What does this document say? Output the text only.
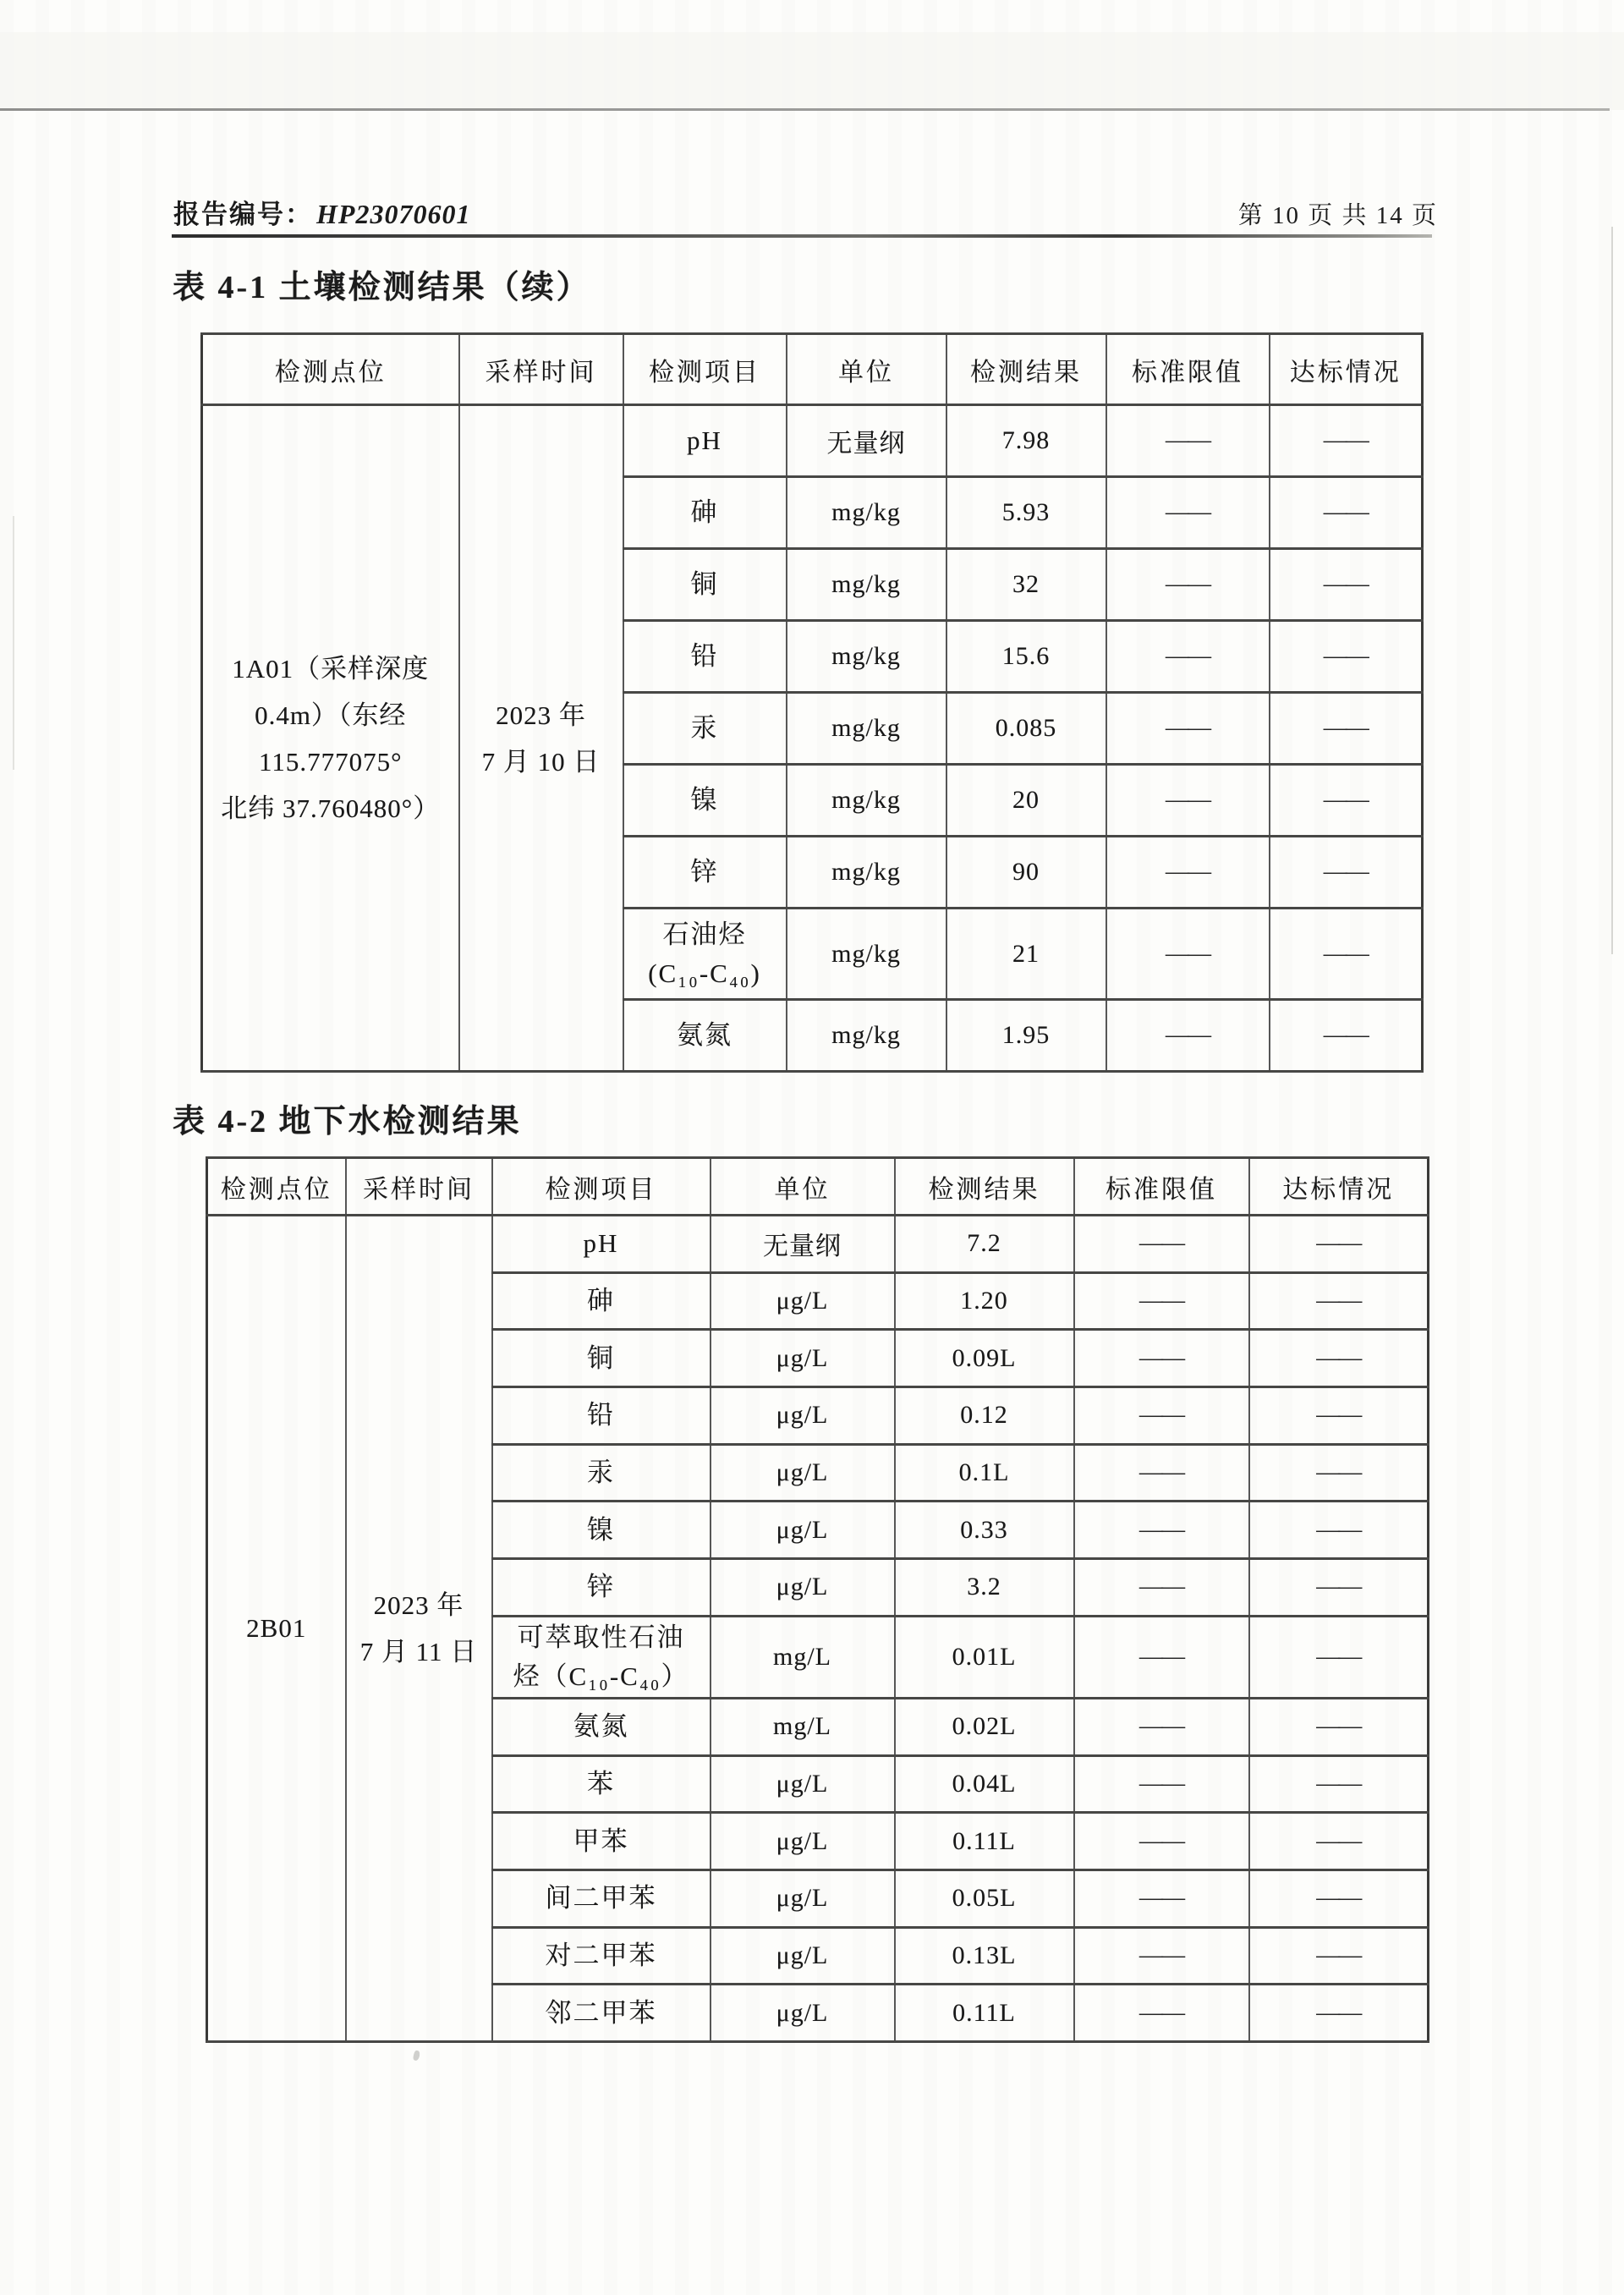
报告编号： HP23070601	第 10 页 共 14 页
表 4-1 土壤检测结果（续）
检测点位	采样时间	检测项目	单位	检测结果	标准限值	达标情况

1A01（采样深度
0.4m）（东经
115.777075°
北纬 37.760480°）

2023 年
7 月 10 日

pH	无量纲	7.98	——	——

		砷	mg/kg	5.93	——	——

		铜	mg/kg	32	——	——

		铅	mg/kg	15.6	——	——

		汞	mg/kg	0.085	——	——

		镍	mg/kg	20	——	——

		锌	mg/kg	90	——	——

		石油烃
(C₁₀-C₄₀)	mg/kg	21	——	——

		氨氮	mg/kg	1.95	——	——
表 4-2 地下水检测结果
检测点位	采样时间	检测项目	单位	检测结果	标准限值	达标情况

2B01	2023 年
7 月 11 日	pH	无量纲	7.2	——	——

		砷	μg/L	1.20	——	——

		铜	μg/L	0.09L	——	——

		铅	μg/L	0.12	——	——

		汞	μg/L	0.1L	——	——

		镍	μg/L	0.33	——	——

		锌	μg/L	3.2	——	——

		可萃取性石油
烃（C₁₀-C₄₀）	mg/L	0.01L	——	——

		氨氮	mg/L	0.02L	——	——

		苯	μg/L	0.04L	——	——

		甲苯	μg/L	0.11L	——	——

		间二甲苯	μg/L	0.05L	——	——

		对二甲苯	μg/L	0.13L	——	——

		邻二甲苯	μg/L	0.11L	——	——
